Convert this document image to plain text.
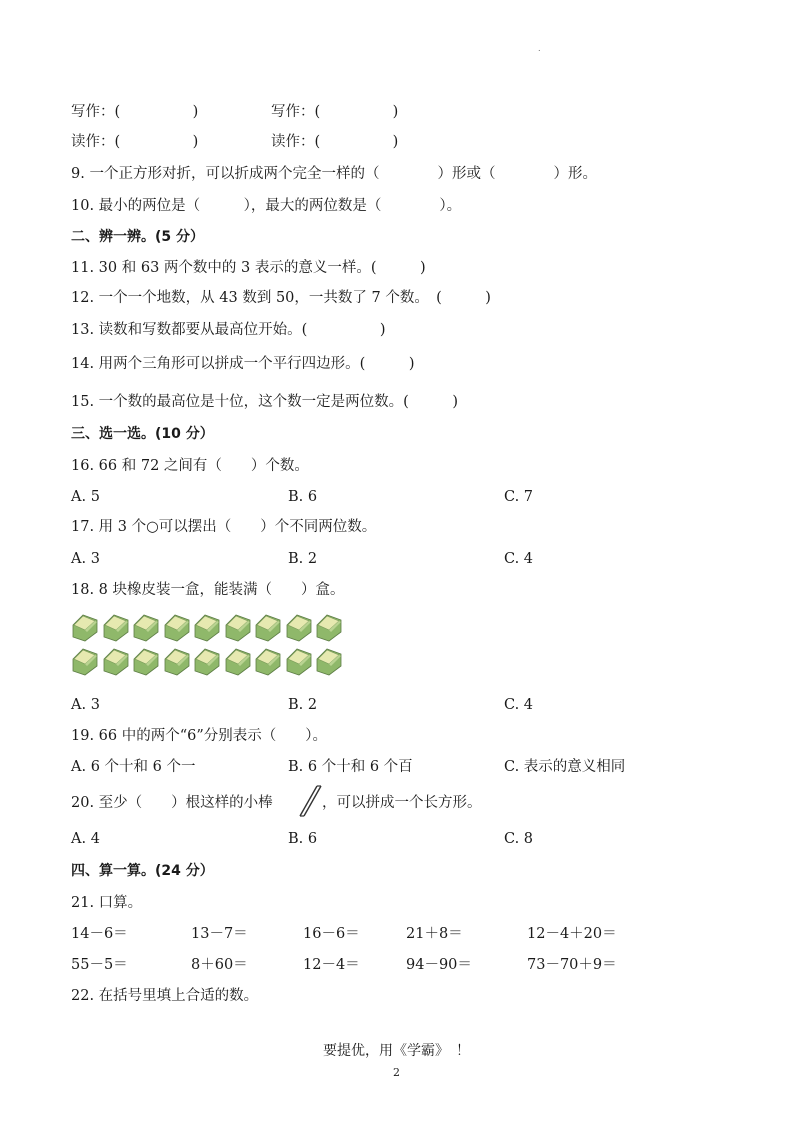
.
写作：(　　　　　)	写作：(　　　　　)
读作：(　　　　　)	读作：(　　　　　)
9. 一个正方形对折，可以折成两个完全一样的（　　　　）形或（　　　　）形。
10. 最小的两位是（　　　），最大的两位数是（　　　　）。
二、辨一辨。(5 分）
11. 30 和 63 两个数中的 3 表示的意义一样。(　　　)
12. 一个一个地数，从 43 数到 50，一共数了 7 个数。　(　　　)
13. 读数和写数都要从最高位开始。(　　　　　)
14. 用两个三角形可以拼成一个平行四边形。(　　　)
15. 一个数的最高位是十位，这个数一定是两位数。(　　　)
三、选一选。(10 分）
16. 66 和 72 之间有（　　）个数。
A. 5	B. 6	C. 7
17. 用 3 个○可以摆出（　　）个不同两位数。
A. 3	B. 2	C. 4
18. 8 块橡皮装一盒，能装满（　　）盒。
A. 3	B. 2	C. 4
19. 66 中的两个“6”分别表示（　　）。
A. 6 个十和 6 个一	B. 6 个十和 6 个百	C. 表示的意义相同
20. 至少（　　）根这样的小棒	，可以拼成一个长方形。
A. 4	B. 6	C. 8
四、算一算。(24 分）
21. 口算。
14－6＝	13－7＝	16－6＝	21＋8＝	12－4＋20＝
55－5＝	8＋60＝	12－4＝	94－90＝	73－70＋9＝
22. 在括号里填上合适的数。
要提优，用《学霸》　！
2
